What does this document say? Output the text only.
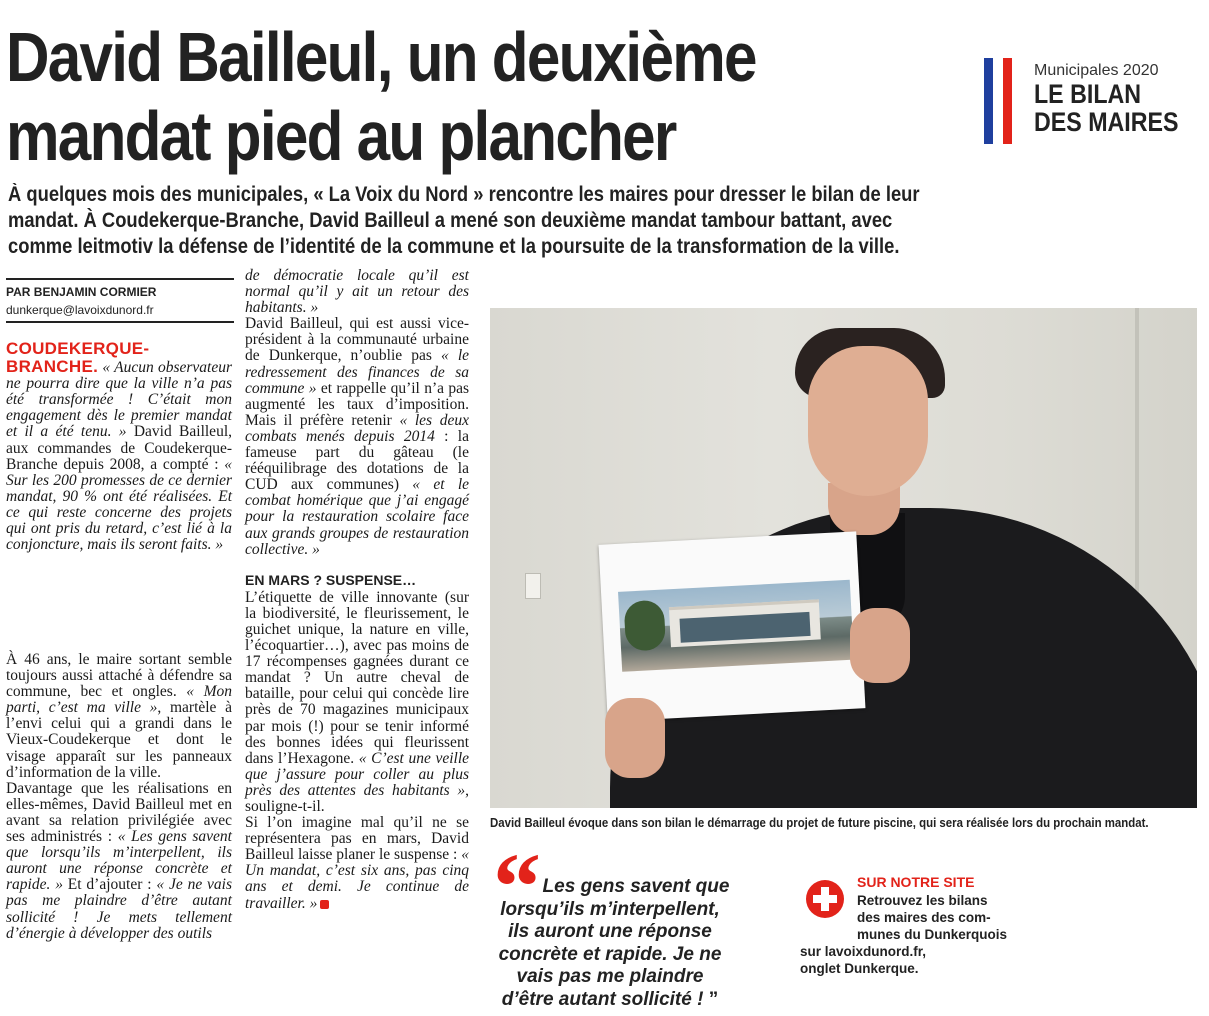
David Bailleul, un deuxième
mandat pied au plancher
Municipales 2020
LE BILAN
DES MAIRES
À quelques mois des municipales, « La Voix du Nord » rencontre les maires pour dresser le bilan de leur
mandat. À Coudekerque-Branche, David Bailleul a mené son deuxième mandat tambour battant, avec
comme leitmotiv la défense de l’identité de la commune et la poursuite de la transformation de la ville.
PAR BENJAMIN CORMIER
dunkerque@lavoixdunord.fr

COUDEKERQUE-BRANCHE. « Aucun observateur ne pourra dire que la ville n’a pas été transformée ! C’était mon engagement dès le premier mandat et il a été tenu. » David Bailleul, aux commandes de Coudekerque-Branche depuis 2008, a compté : « Sur les 200 promesses de ce dernier mandat, 90 % ont été réalisées. Et ce qui reste concerne des projets qui ont pris du retard, c’est lié à la conjoncture, mais ils seront faits. »

À 46 ans, le maire sortant semble toujours aussi attaché à défendre sa commune, bec et ongles. « Mon parti, c’est ma ville », martèle à l’envi celui qui a grandi dans le Vieux-Coudekerque et dont le visage apparaît sur les panneaux d’information de la ville.

Davantage que les réalisations en elles-mêmes, David Bailleul met en avant sa relation privilégiée avec ses administrés : « Les gens savent que lorsqu’ils m’interpellent, ils auront une réponse concrète et rapide. » Et d’ajouter : « Je ne vais pas me plaindre d’être autant sollicité ! Je mets tellement d’énergie à développer des outils

de démocratie locale qu’il est normal qu’il y ait un retour des habitants. »

David Bailleul, qui est aussi vice-président à la communauté urbaine de Dunkerque, n’oublie pas « le redressement des finances de sa commune » et rappelle qu’il n’a pas augmenté les taux d’imposition. Mais il préfère retenir « les deux combats menés depuis 2014 : la fameuse part du gâteau (le rééquilibrage des dotations de la CUD aux communes) « et le combat homérique que j’ai engagé pour la restauration scolaire face aux grands groupes de restauration collective. »

EN MARS ? SUSPENSE…

L’étiquette de ville innovante (sur la biodiversité, le fleurissement, le guichet unique, la nature en ville, l’écoquartier…), avec pas moins de 17 récompenses gagnées durant ce mandat ? Un autre cheval de bataille, pour celui qui concède lire près de 70 magazines municipaux par mois (!) pour se tenir informé des bonnes idées qui fleurissent dans l’Hexagone. « C’est une veille que j’assure pour coller au plus près des attentes des habitants », souligne-t-il.

Si l’on imagine mal qu’il ne se représentera pas en mars, David Bailleul laisse planer le suspense : « Un mandat, c’est six ans, pas cinq ans et demi. Je continue de travailler. »

David Bailleul évoque dans son bilan le démarrage du projet de future piscine, qui sera réalisée lors du prochain mandat.
“ Les gens savent que
lorsqu’ils m’interpellent,
ils auront une réponse
concrète et rapide. Je ne
vais pas me plaindre
d’être autant sollicité ! ”
SUR NOTRE SITE
Retrouvez les bilans
des maires des com-
munes du Dunkerquois
sur lavoixdunord.fr,
onglet Dunkerque.
